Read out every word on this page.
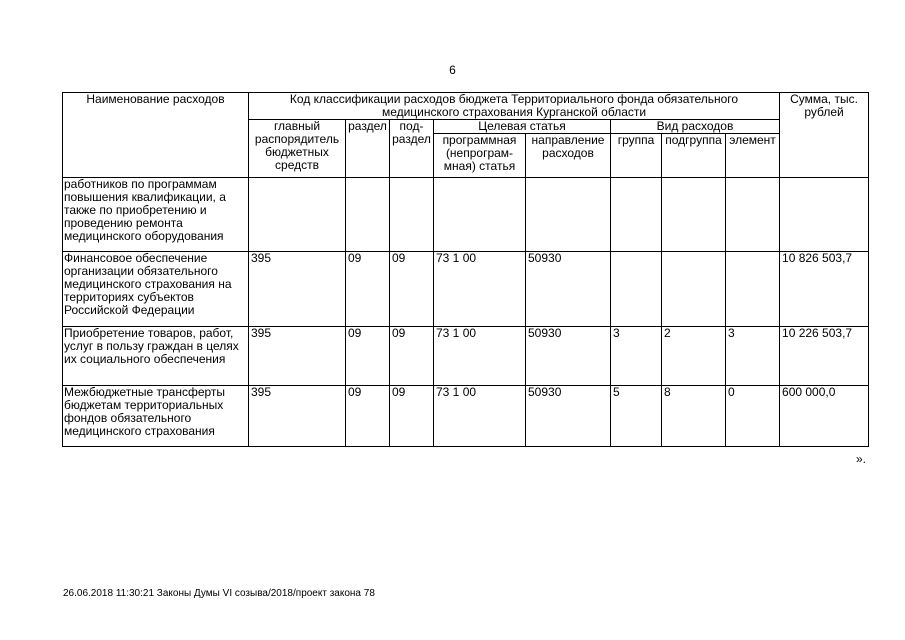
6
Наименование расходов	Код классификации расходов бюджета Территориального фонда обязательного медицинского страхования Курганской области								Сумма, тыс. рублей
	главный распорядитель бюджетных средств	раздел	под-раздел	Целевая статья		Вид расходов			
				программная (непрограм-мная) статья	направление расходов	группа	подгруппа	элемент	
работников по программам повышения квалификации, а также по приобретению и проведению ремонта медицинского оборудования									
Финансовое обеспечение организации обязательного медицинского страхования на территориях субъектов Российской Федерации	395	09	09	73 1 00	50930				10 826 503,7
Приобретение товаров, работ, услуг в пользу граждан в целях их социального обеспечения	395	09	09	73 1 00	50930	3	2	3	10 226 503,7
Межбюджетные трансферты бюджетам территориальных фондов обязательного медицинского страхования	395	09	09	73 1 00	50930	5	8	0	600 000,0
».
26.06.2018 11:30:21 Законы Думы VI созыва/2018/проект закона 78
